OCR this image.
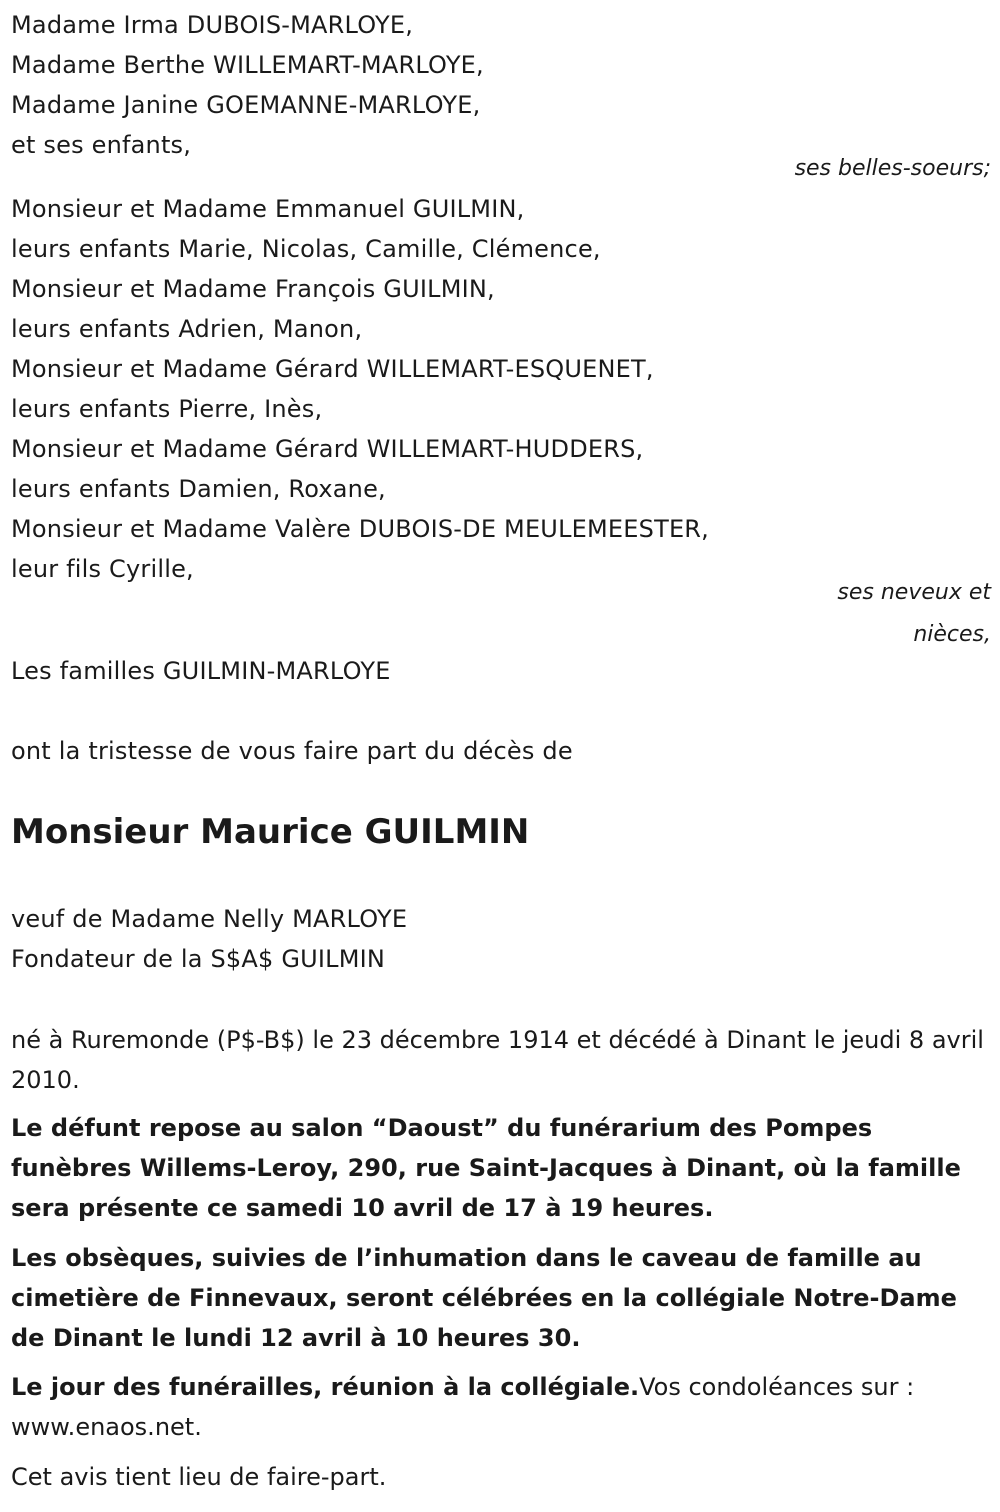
Madame Irma DUBOIS-MARLOYE,
Madame Berthe WILLEMART-MARLOYE,
Madame Janine GOEMANNE-MARLOYE,
et ses enfants,
ses belles-soeurs;
Monsieur et Madame Emmanuel GUILMIN,
leurs enfants Marie, Nicolas, Camille, Clémence,
Monsieur et Madame François GUILMIN,
leurs enfants Adrien, Manon,
Monsieur et Madame Gérard WILLEMART-ESQUENET,
leurs enfants Pierre, Inès,
Monsieur et Madame Gérard WILLEMART-HUDDERS,
leurs enfants Damien, Roxane,
Monsieur et Madame Valère DUBOIS-DE MEULEMEESTER,
leur fils Cyrille,
ses neveux et
nièces,
Les familles GUILMIN-MARLOYE
ont la tristesse de vous faire part du décès de
Monsieur Maurice GUILMIN
veuf de Madame Nelly MARLOYE
Fondateur de la S$A$ GUILMIN
né à Ruremonde (P$-B$) le 23 décembre 1914 et décédé à Dinant le jeudi 8 avril 2010.
Le défunt repose au salon “Daoust” du funérarium des Pompes funèbres Willems-Leroy, 290, rue Saint-Jacques à Dinant, où la famille sera présente ce samedi 10 avril de 17 à 19 heures.
Les obsèques, suivies de l’inhumation dans le caveau de famille au cimetière de Finnevaux, seront célébrées en la collégiale Notre-Dame de Dinant le lundi 12 avril à 10 heures 30.
Le jour des funérailles, réunion à la collégiale.Vos condoléances sur : www.enaos.net.
Cet avis tient lieu de faire-part.
